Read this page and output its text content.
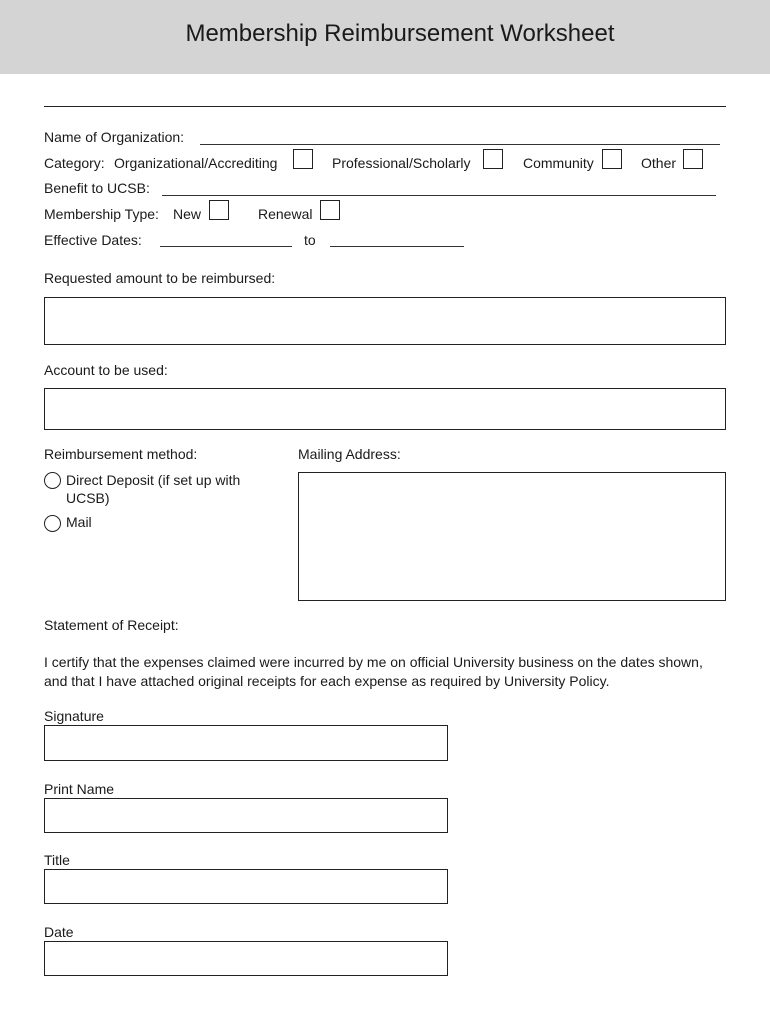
Membership Reimbursement Worksheet
Name of Organization:
Category: Organizational/Accrediting	Professional/Scholarly	Community	Other
Benefit to UCSB:
Membership Type: New	Renewal
Effective Dates:	to
Requested amount to be reimbursed:
Account to be used:
Reimbursement method:
Direct Deposit (if set up with UCSB)
Mail
Mailing Address:
Statement of Receipt:
I certify that the expenses claimed were incurred by me on official University business on the dates shown, and that I have attached original receipts for each expense as required by University Policy.
Signature
Print Name
Title
Date
